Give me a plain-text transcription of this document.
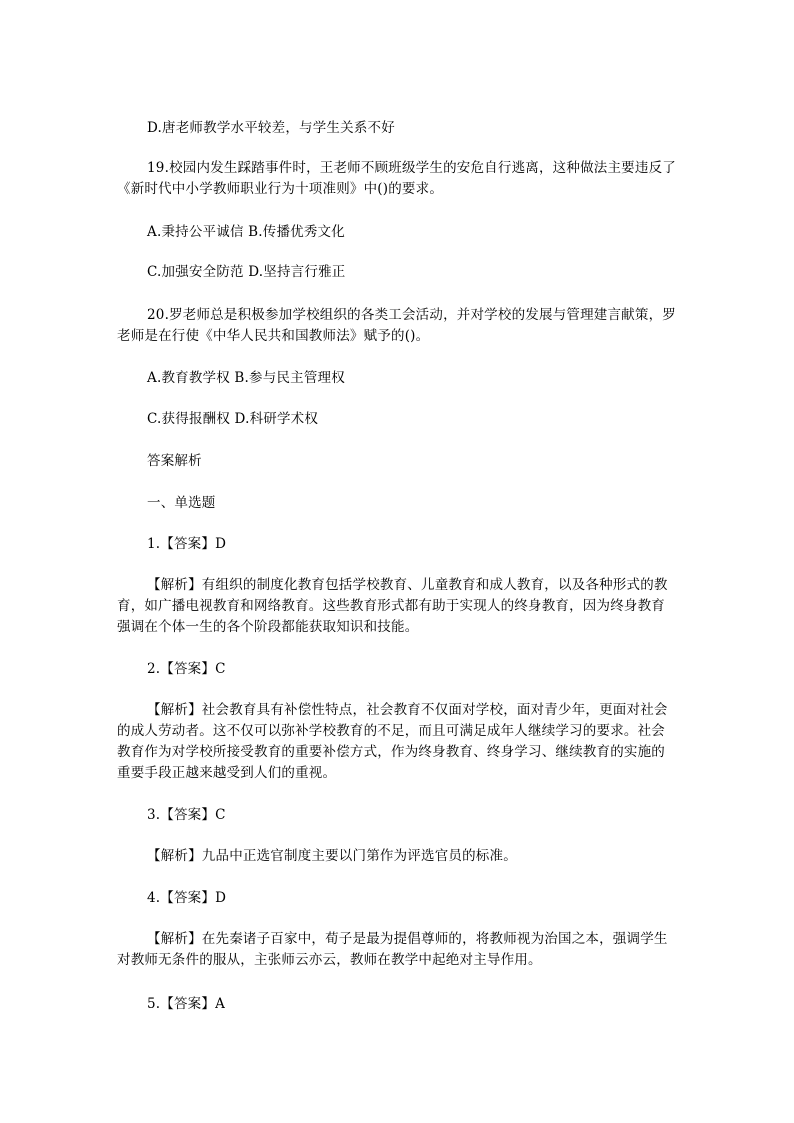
D.唐老师教学水平较差，与学生关系不好

19.校园内发生踩踏事件时，王老师不顾班级学生的安危自行逃离，这种做法主要违反了《新时代中小学教师职业行为十项准则》中()的要求。

A.秉持公平诚信 B.传播优秀文化

C.加强安全防范 D.坚持言行雅正

20.罗老师总是积极参加学校组织的各类工会活动，并对学校的发展与管理建言献策，罗老师是在行使《中华人民共和国教师法》赋予的()。

A.教育教学权 B.参与民主管理权

C.获得报酬权 D.科研学术权

答案解析

一、单选题

1.【答案】D

【解析】有组织的制度化教育包括学校教育、儿童教育和成人教育，以及各种形式的教育，如广播电视教育和网络教育。这些教育形式都有助于实现人的终身教育，因为终身教育强调在个体一生的各个阶段都能获取知识和技能。

2.【答案】C

【解析】社会教育具有补偿性特点，社会教育不仅面对学校，面对青少年，更面对社会的成人劳动者。这不仅可以弥补学校教育的不足，而且可满足成年人继续学习的要求。社会教育作为对学校所接受教育的重要补偿方式，作为终身教育、终身学习、继续教育的实施的重要手段正越来越受到人们的重视。

3.【答案】C

【解析】九品中正选官制度主要以门第作为评选官员的标准。

4.【答案】D

【解析】在先秦诸子百家中，荀子是最为提倡尊师的，将教师视为治国之本，强调学生对教师无条件的服从，主张师云亦云，教师在教学中起绝对主导作用。

5.【答案】A
